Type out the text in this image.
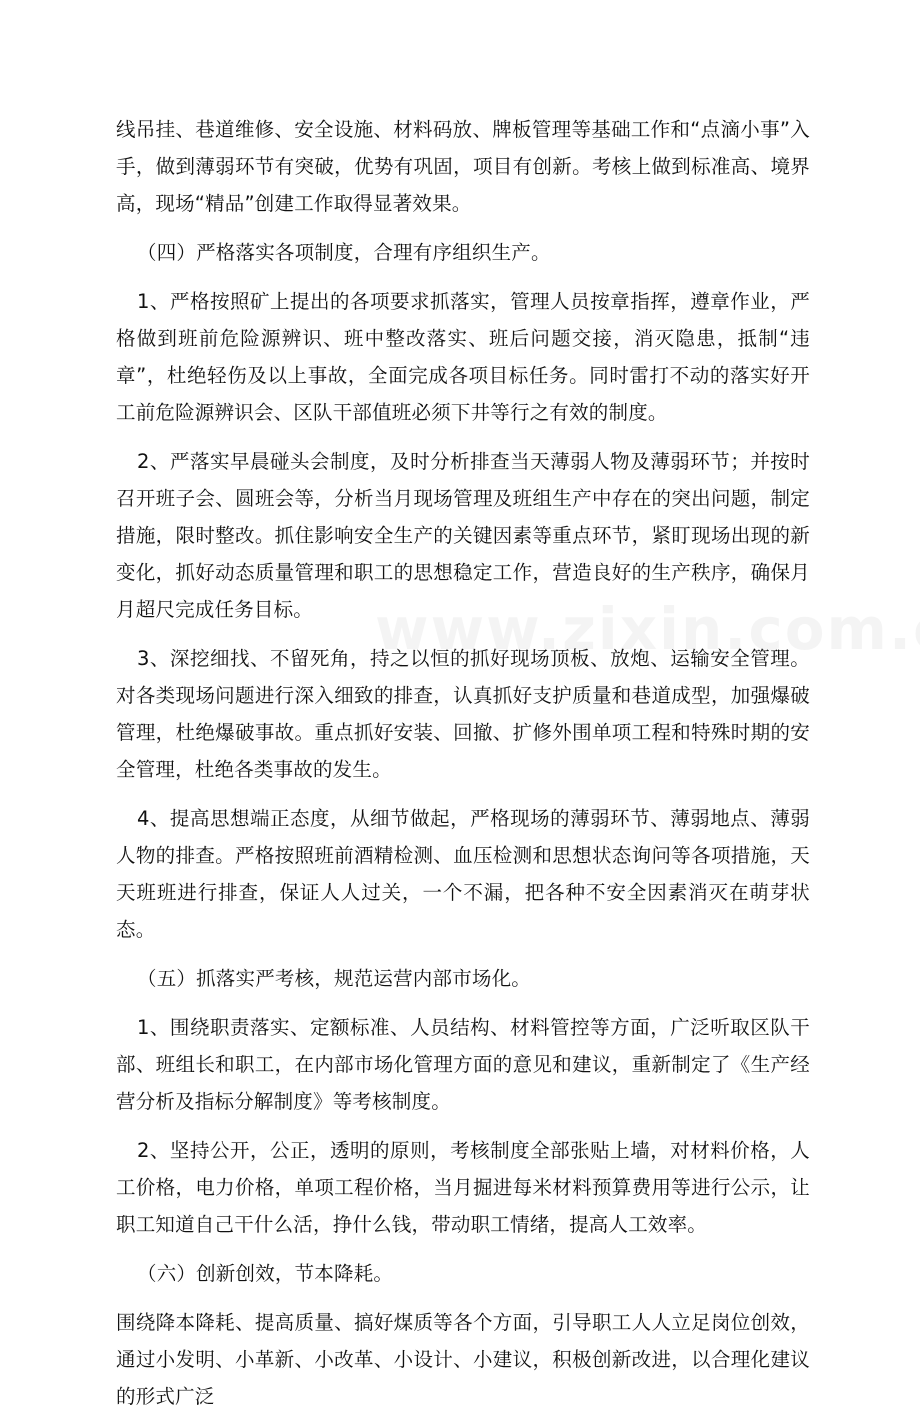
线吊挂、巷道维修、安全设施、材料码放、牌板管理等基础工作和“点滴小事”入手，做到薄弱环节有突破，优势有巩固，项目有创新。考核上做到标准高、境界高，现场“精品”创建工作取得显著效果。

（四）严格落实各项制度，合理有序组织生产。

1、严格按照矿上提出的各项要求抓落实，管理人员按章指挥，遵章作业，严格做到班前危险源辨识、班中整改落实、班后问题交接，消灭隐患，抵制“违章”，杜绝轻伤及以上事故，全面完成各项目标任务。同时雷打不动的落实好开工前危险源辨识会、区队干部值班必须下井等行之有效的制度。

2、严落实早晨碰头会制度，及时分析排查当天薄弱人物及薄弱环节；并按时召开班子会、圆班会等，分析当月现场管理及班组生产中存在的突出问题，制定措施，限时整改。抓住影响安全生产的关键因素等重点环节，紧盯现场出现的新变化，抓好动态质量管理和职工的思想稳定工作，营造良好的生产秩序，确保月月超尺完成任务目标。

3、深挖细找、不留死角，持之以恒的抓好现场顶板、放炮、运输安全管理。对各类现场问题进行深入细致的排查，认真抓好支护质量和巷道成型，加强爆破管理，杜绝爆破事故。重点抓好安装、回撤、扩修外围单项工程和特殊时期的安全管理，杜绝各类事故的发生。

4、提高思想端正态度，从细节做起，严格现场的薄弱环节、薄弱地点、薄弱人物的排查。严格按照班前酒精检测、血压检测和思想状态询问等各项措施，天天班班进行排查，保证人人过关，一个不漏，把各种不安全因素消灭在萌芽状态。

（五）抓落实严考核，规范运营内部市场化。

1、围绕职责落实、定额标准、人员结构、材料管控等方面，广泛听取区队干部、班组长和职工，在内部市场化管理方面的意见和建议，重新制定了《生产经营分析及指标分解制度》等考核制度。

2、坚持公开，公正，透明的原则，考核制度全部张贴上墙，对材料价格，人工价格，电力价格，单项工程价格，当月掘进每米材料预算费用等进行公示，让职工知道自己干什么活，挣什么钱，带动职工情绪，提高人工效率。

（六）创新创效，节本降耗。

围绕降本降耗、提高质量、搞好煤质等各个方面，引导职工人人立足岗位创效，通过小发明、小革新、小改革、小设计、小建议，积极创新改进，以合理化建议的形式广泛
